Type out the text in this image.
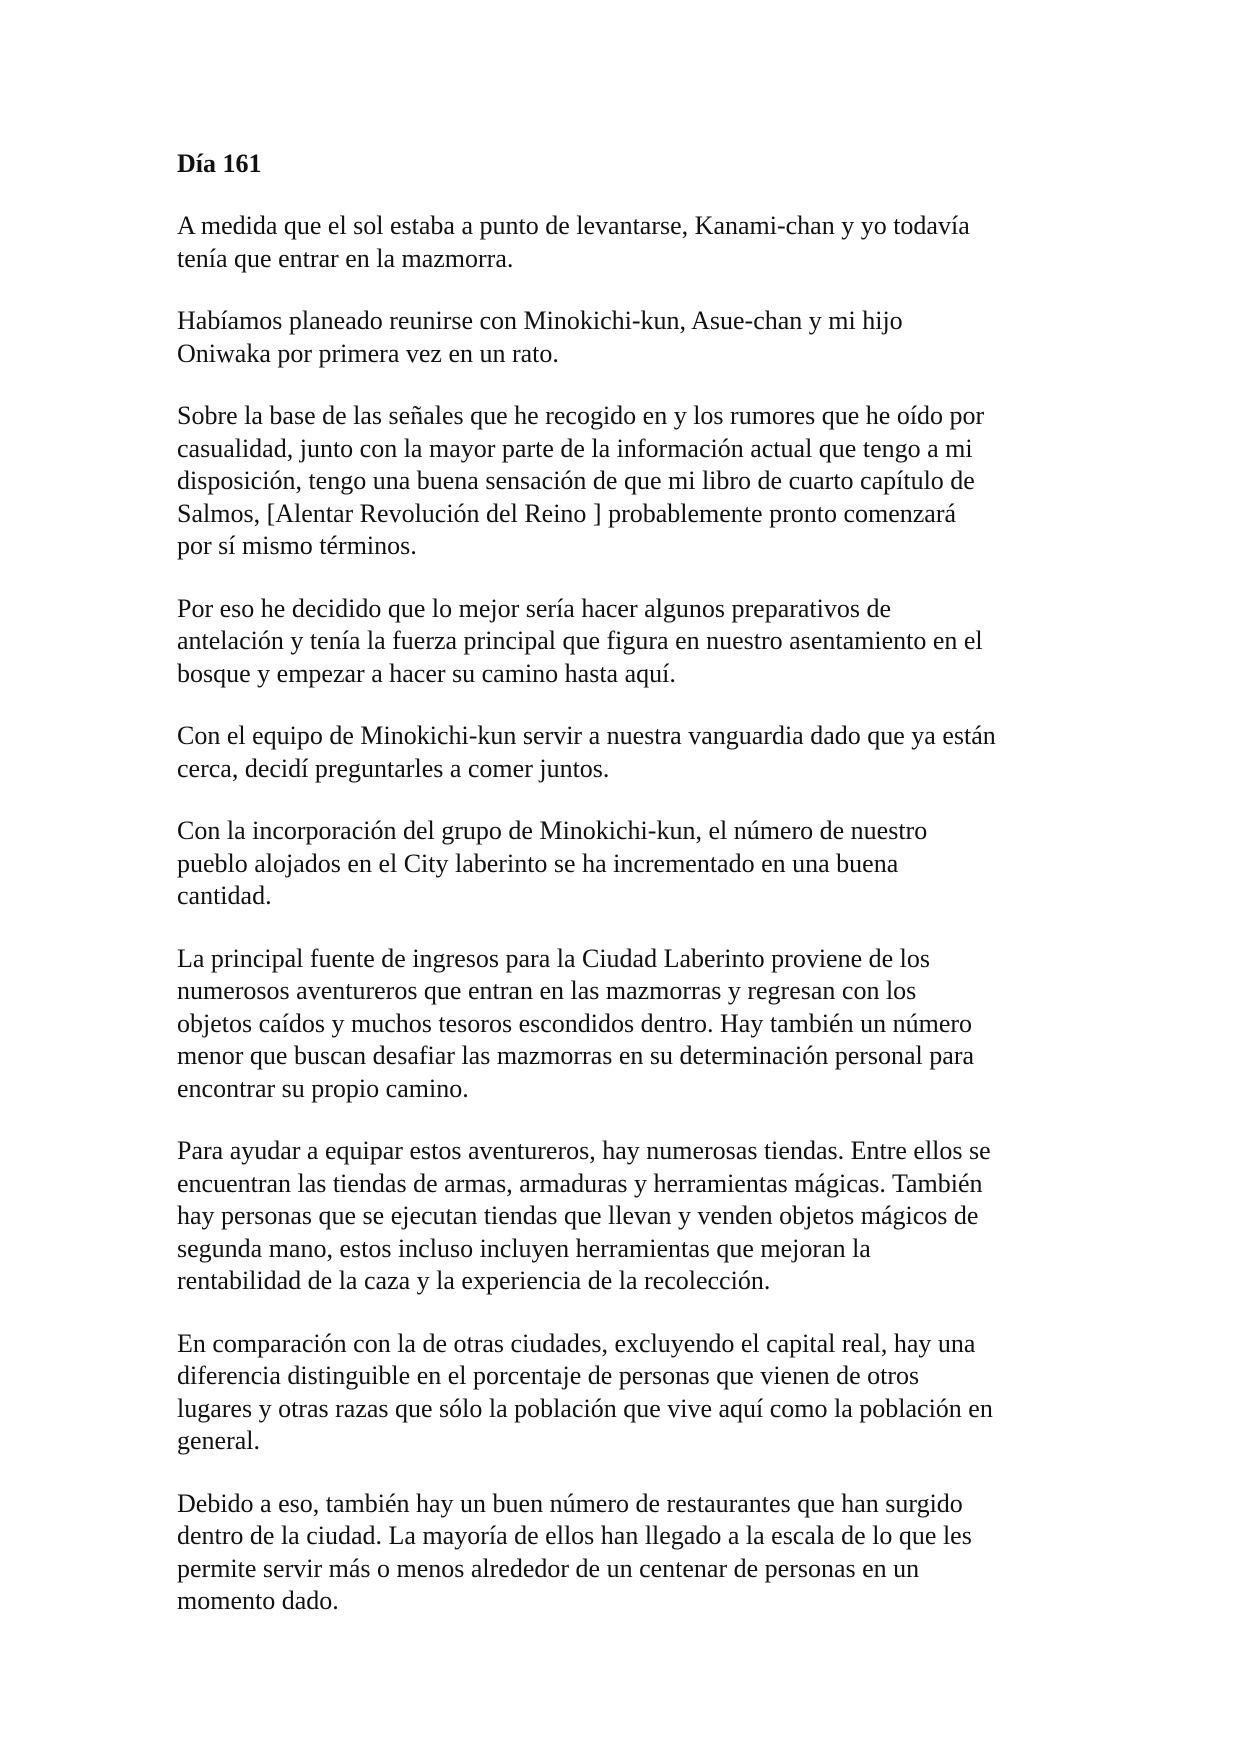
Día 161

A medida que el sol estaba a punto de levantarse, Kanami-chan y yo todavía
tenía que entrar en la mazmorra.

Habíamos planeado reunirse con Minokichi-kun, Asue-chan y mi hijo
Oniwaka por primera vez en un rato.

Sobre la base de las señales que he recogido en y los rumores que he oído por
casualidad, junto con la mayor parte de la información actual que tengo a mi
disposición, tengo una buena sensación de que mi libro de cuarto capítulo de
Salmos, [Alentar Revolución del Reino ] probablemente pronto comenzará
por sí mismo términos.

Por eso he decidido que lo mejor sería hacer algunos preparativos de
antelación y tenía la fuerza principal que figura en nuestro asentamiento en el
bosque y empezar a hacer su camino hasta aquí.

Con el equipo de Minokichi-kun servir a nuestra vanguardia dado que ya están
cerca, decidí preguntarles a comer juntos.

Con la incorporación del grupo de Minokichi-kun, el número de nuestro
pueblo alojados en el City laberinto se ha incrementado en una buena
cantidad.

La principal fuente de ingresos para la Ciudad Laberinto proviene de los
numerosos aventureros que entran en las mazmorras y regresan con los
objetos caídos y muchos tesoros escondidos dentro. Hay también un número
menor que buscan desafiar las mazmorras en su determinación personal para
encontrar su propio camino.

Para ayudar a equipar estos aventureros, hay numerosas tiendas. Entre ellos se
encuentran las tiendas de armas, armaduras y herramientas mágicas. También
hay personas que se ejecutan tiendas que llevan y venden objetos mágicos de
segunda mano, estos incluso incluyen herramientas que mejoran la
rentabilidad de la caza y la experiencia de la recolección.

En comparación con la de otras ciudades, excluyendo el capital real, hay una
diferencia distinguible en el porcentaje de personas que vienen de otros
lugares y otras razas que sólo la población que vive aquí como la población en
general.

Debido a eso, también hay un buen número de restaurantes que han surgido
dentro de la ciudad. La mayoría de ellos han llegado a la escala de lo que les
permite servir más o menos alrededor de un centenar de personas en un
momento dado.
